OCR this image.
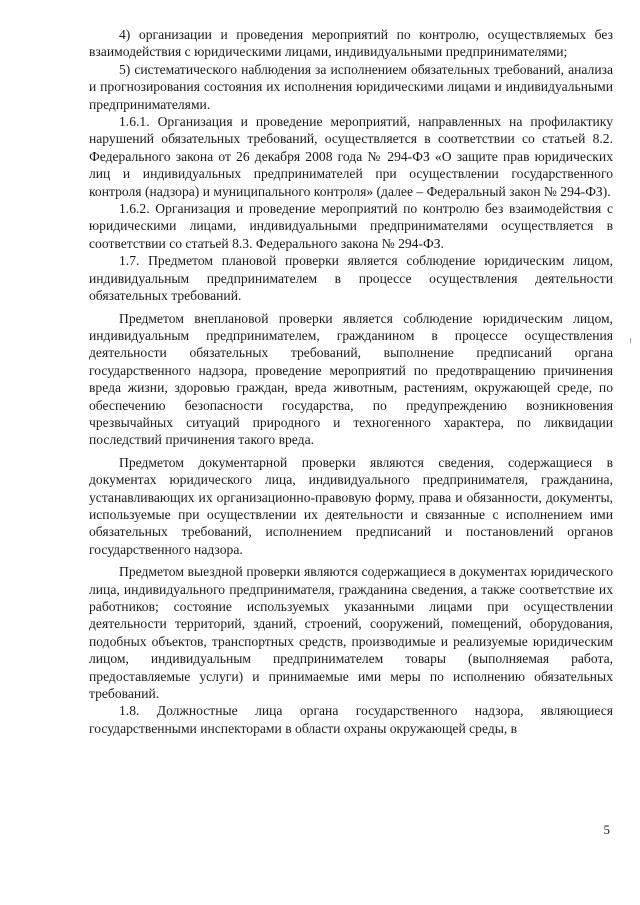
4) организации и проведения мероприятий по контролю, осуществляемых без взаимодействия с юридическими лицами, индивидуальными предпринимателями;

5) систематического наблюдения за исполнением обязательных требований, анализа и прогнозирования состояния их исполнения юридическими лицами и индивидуальными предпринимателями.

1.6.1. Организация и проведение мероприятий, направленных на профилактику нарушений обязательных требований, осуществляется в соответствии со статьей 8.2. Федерального закона от 26 декабря 2008 года № 294-ФЗ «О защите прав юридических лиц и индивидуальных предпринимателей при осуществлении государственного контроля (надзора) и муниципального контроля» (далее – Федеральный закон № 294-ФЗ).

1.6.2. Организация и проведение мероприятий по контролю без взаимодействия с юридическими лицами, индивидуальными предпринимателями осуществляется в соответствии со статьей 8.3. Федерального закона № 294-ФЗ.

1.7. Предметом плановой проверки является соблюдение юридическим лицом, индивидуальным предпринимателем в процессе осуществления деятельности обязательных требований.

Предметом внеплановой проверки является соблюдение юридическим лицом, индивидуальным предпринимателем, гражданином в процессе осуществления деятельности обязательных требований, выполнение предписаний органа государственного надзора, проведение мероприятий по предотвращению причинения вреда жизни, здоровью граждан, вреда животным, растениям, окружающей среде, по обеспечению безопасности государства, по предупреждению возникновения чрезвычайных ситуаций природного и техногенного характера, по ликвидации последствий причинения такого вреда.

Предметом документарной проверки являются сведения, содержащиеся в документах юридического лица, индивидуального предпринимателя, гражданина, устанавливающих их организационно-правовую форму, права и обязанности, документы, используемые при осуществлении их деятельности и связанные с исполнением ими обязательных требований, исполнением предписаний и постановлений органов государственного надзора.

Предметом выездной проверки являются содержащиеся в документах юридического лица, индивидуального предпринимателя, гражданина сведения, а также соответствие их работников; состояние используемых указанными лицами при осуществлении деятельности территорий, зданий, строений, сооружений, помещений, оборудования, подобных объектов, транспортных средств, производимые и реализуемые юридическим лицом, индивидуальным предпринимателем товары (выполняемая работа, предоставляемые услуги) и принимаемые ими меры по исполнению обязательных требований.

1.8. Должностные лица органа государственного надзора, являющиеся государственными инспекторами в области охраны окружающей среды, в

5
